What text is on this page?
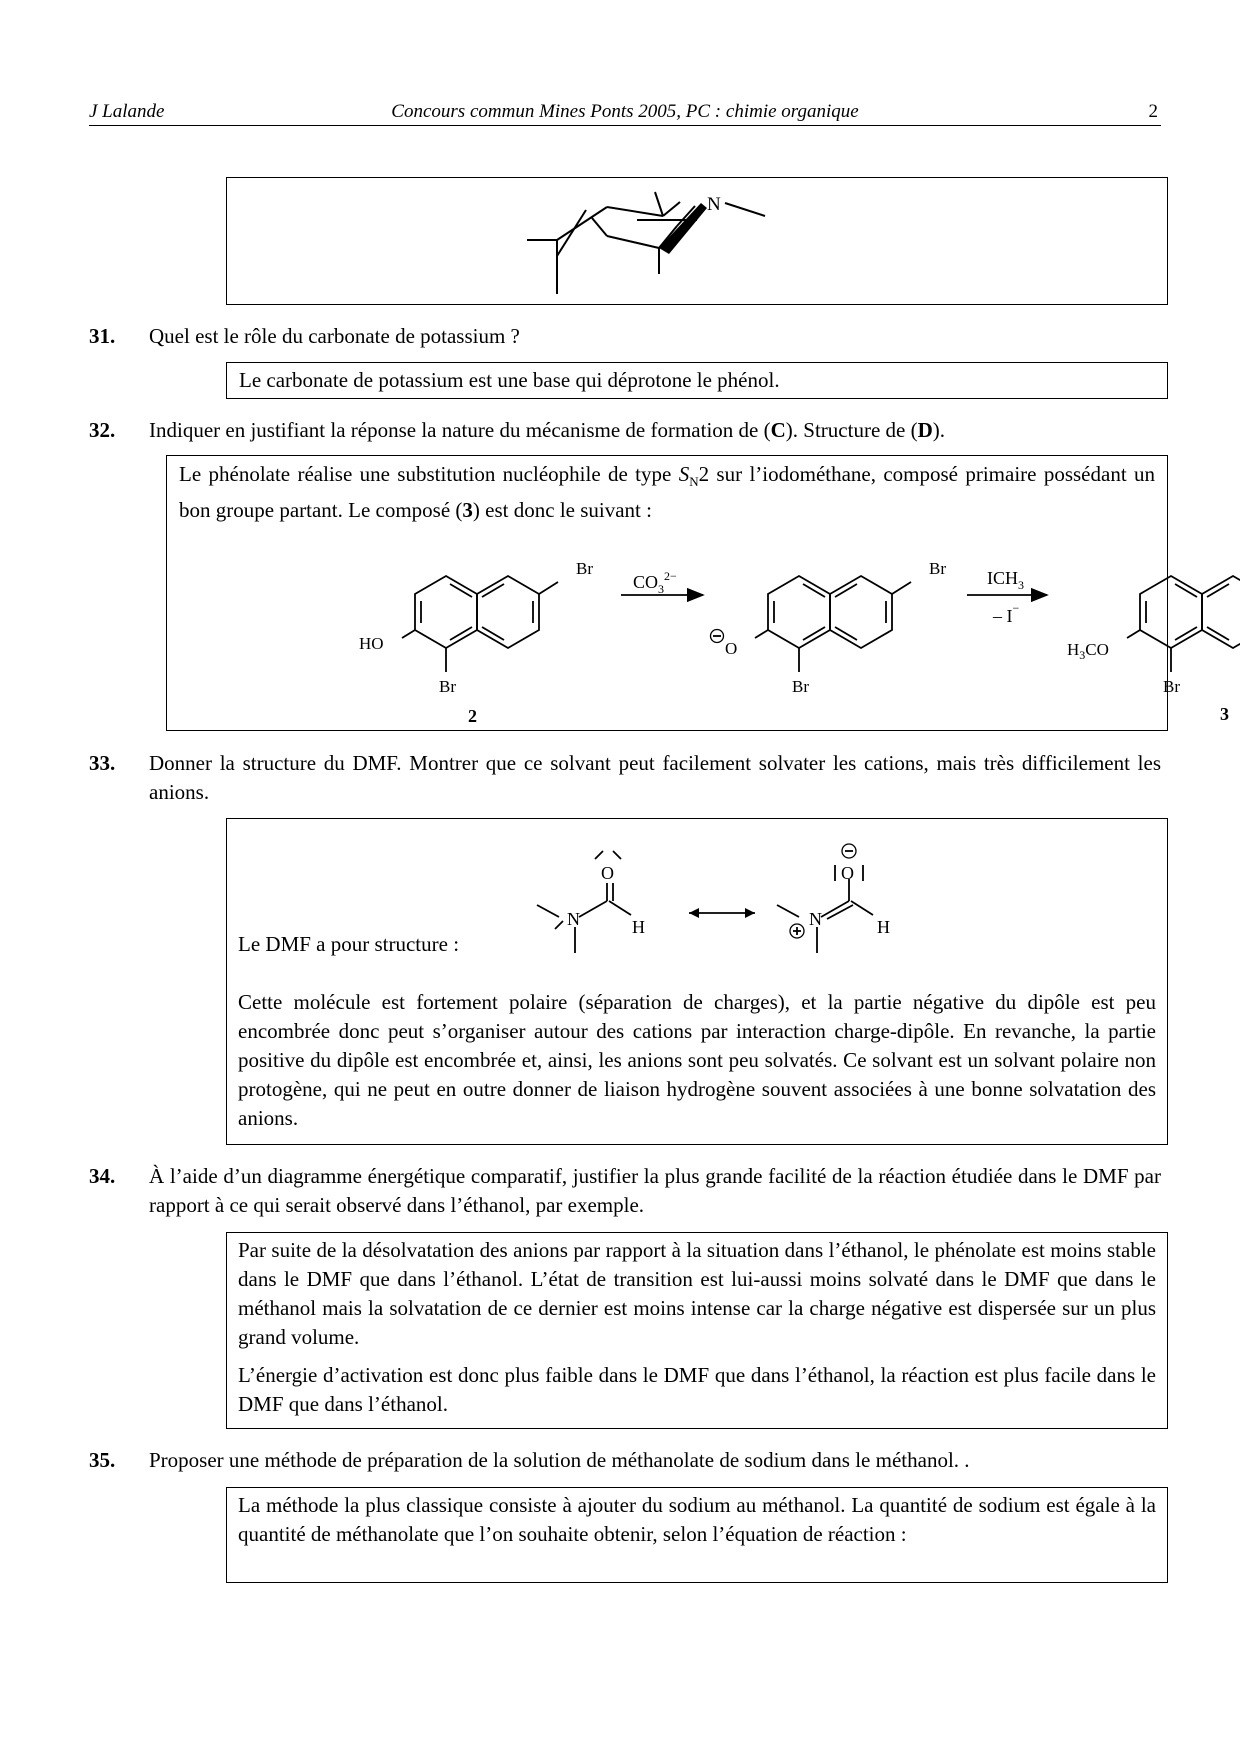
J Lalande	Concours commun Mines Ponts 2005, PC : chimie organique	2
N
31. Quel est le rôle du carbonate de potassium ?

Le carbonate de potassium est une base qui déprotone le phénol.

32. Indiquer en justifiant la réponse la nature du mécanisme de formation de (C). Structure de (D).
Le phénolate réalise une substitution nucléophile de type $S_N2$ sur l’iodométhane, composé primaire possédant un bon groupe partant. Le composé (3) est donc le suivant :
Br
Br
HO
2
$CO_3^{2-}$	Br
Br
O
$ICH_3$
– I−
Br
$H_3CO$
3
33. Donner la structure du DMF. Montrer que ce solvant peut facilement solvater les cations, mais très difficilement les anions.
Le DMF a pour structure :
O
N	H
O
N	H
Cette molécule est fortement polaire (séparation de charges), et la partie négative du dipôle est peu encombrée donc peut s’organiser autour des cations par interaction charge-dipôle. En revanche, la partie positive du dipôle est encombrée et, ainsi, les anions sont peu solvatés. Ce solvant est un solvant polaire non protogène, qui ne peut en outre donner de liaison hydrogène souvent associées à une bonne solvatation des anions.
34. À l’aide d’un diagramme énergétique comparatif, justifier la plus grande facilité de la réaction étudiée dans le DMF par rapport à ce qui serait observé dans l’éthanol, par exemple.

Par suite de la désolvatation des anions par rapport à la situation dans l’éthanol, le phénolate est moins stable dans le DMF que dans l’éthanol. L’état de transition est lui-aussi moins solvaté dans le DMF que dans le méthanol mais la solvatation de ce dernier est moins intense car la charge négative est dispersée sur un plus grand volume.

L’énergie d’activation est donc plus faible dans le DMF que dans l’éthanol, la réaction est plus facile dans le DMF que dans l’éthanol.

35. Proposer une méthode de préparation de la solution de méthanolate de sodium dans le méthanol. .

La méthode la plus classique consiste à ajouter du sodium au méthanol. La quantité de sodium est égale à la quantité de méthanolate que l’on souhaite obtenir, selon l’équation de réaction :
